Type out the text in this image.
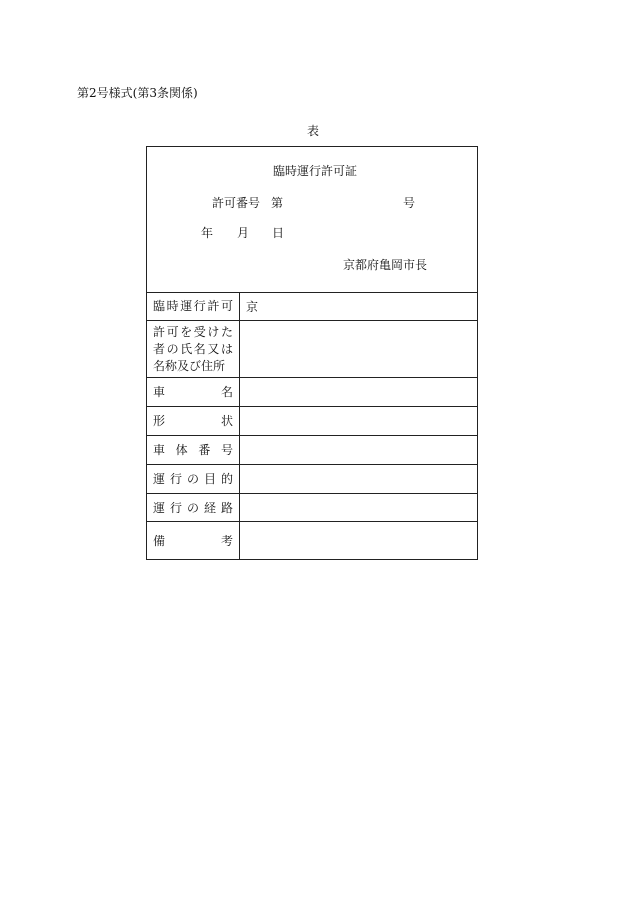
第2号様式(第3条関係)
表
臨時運行許可証
許可番号 第	号
年 月 日
京都府亀岡市長
臨時運行許可 京
許可を受けた者の氏名又は名称及び住所
車名
形状
車体番号
運行の目的
運行の経路
備考
